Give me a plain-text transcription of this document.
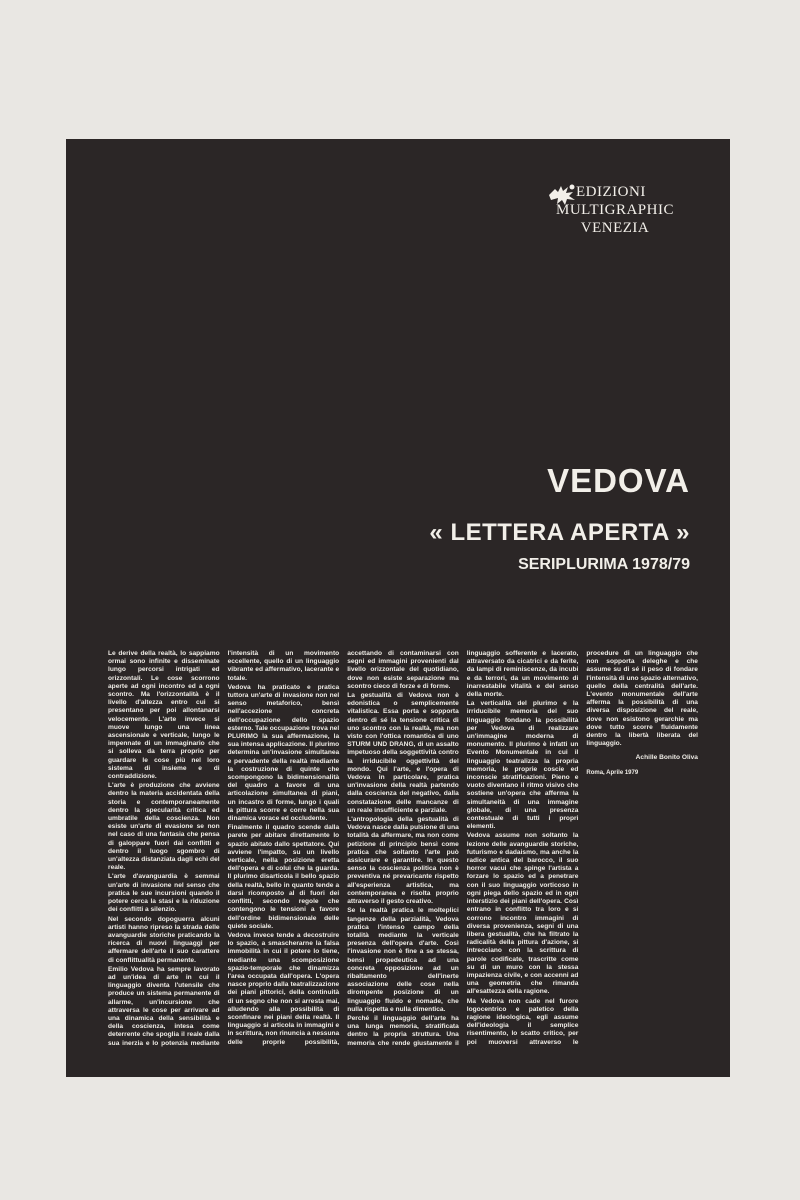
EDIZIONI
MULTIGRAPHIC
VENEZIA
VEDOVA
« LETTERA APERTA »
SERIPLURIMA 1978/79

Le derive della realtà, lo sappiamo ormai sono infinite e disseminate lungo percorsi intrigati ed orizzontali. Le cose scorrono aperte ad ogni incontro ed a ogni scontro. Ma l'orizzontalità è il livello d'altezza entro cui si presentano per poi allontanarsi velocemente. L'arte invece si muove lungo una linea ascensionale e verticale, lungo le impennate di un immaginario che si solleva da terra proprio per guardare le cose più nel loro sistema di insieme e di contraddizione.

L'arte è produzione che avviene dentro la materia accidentata della storia e contemporaneamente dentro la specularità critica ed umbratile della coscienza. Non esiste un'arte di evasione se non nel caso di una fantasia che pensa di galoppare fuori dai conflitti e dentro il luogo sgombro di un'altezza distanziata dagli echi del reale.

L'arte d'avanguardia è semmai un'arte di invasione nel senso che pratica le sue incursioni quando il potere cerca la stasi e la riduzione dei conflitti a silenzio.

Nel secondo dopoguerra alcuni artisti hanno ripreso la strada delle avanguardie storiche praticando la ricerca di nuovi linguaggi per affermare dell'arte il suo carattere di conflittualità permanente.

Emilio Vedova ha sempre lavorato ad un'idea di arte in cui il linguaggio diventa l'utensile che produce un sistema permanente di allarme, un'incursione che attraversa le cose per arrivare ad una dinamica della sensibilità e della coscienza, intesa come deterrente che spoglia il reale dalla sua inerzia e lo potenzia mediante l'intensità di un movimento eccellente, quello di un linguaggio vibrante ed affermativo, lacerante e totale.

Vedova ha praticato e pratica tuttora un'arte di invasione non nel senso metaforico, bensì nell'accezione concreta dell'occupazione dello spazio esterno. Tale occupazione trova nel PLURIMO la sua affermazione, la sua intensa applicazione. Il plurimo determina un'invasione simultanea e pervadente della realtà mediante la costruzione di quinte che scompongono la bidimensionalità del quadro a favore di una articolazione simultanea di piani, un incastro di forme, lungo i quali la pittura scorre e corre nella sua dinamica vorace ed occludente.

Finalmente il quadro scende dalla parete per abitare direttamente lo spazio abitato dallo spettatore. Qui avviene l'impatto, su un livello verticale, nella posizione eretta dell'opera e di colui che la guarda. Il plurimo disarticola il bello spazio della realtà, bello in quanto tende a darsi ricomposto al di fuori dei conflitti, secondo regole che contengono le tensioni a favore dell'ordine bidimensionale delle quiete sociale.

Vedova invece tende a decostruire lo spazio, a smascherarne la falsa immobilità in cui il potere lo tiene, mediante una scomposizione spazio-temporale che dinamizza l'area occupata dall'opera. L'opera nasce proprio dalla teatralizzazione dei piani pittorici, della continuità di un segno che non si arresta mai, alludendo alla possibilità di sconfinare nei piani della realtà. Il linguaggio si articola in immagini e in scrittura, non rinuncia a nessuna delle proprie possibilità, accettando di contaminarsi con segni ed immagini provenienti dal livello orizzontale del quotidiano, dove non esiste separazione ma scontro cieco di forze e di forme.

La gestualità di Vedova non è edonistica o semplicemente vitalistica. Essa porta e sopporta dentro di sé la tensione critica di uno scontro con la realtà, ma non visto con l'ottica romantica di uno STURM UND DRANG, di un assalto impetuoso della soggettività contro la irriducibile oggettività del mondo. Qui l'arte, e l'opera di Vedova in particolare, pratica un'invasione della realtà partendo dalla coscienza del negativo, dalla constatazione delle mancanze di un reale insufficiente e parziale.

L'antropologia della gestualità di Vedova nasce dalla pulsione di una totalità da affermare, ma non come petizione di principio bensì come pratica che soltanto l'arte può assicurare e garantire. In questo senso la coscienza politica non è preventiva né prevaricante rispetto all'esperienza artistica, ma contemporanea e risolta proprio attraverso il gesto creativo.

Se la realtà pratica le molteplici tangenze della parzialità, Vedova pratica l'intenso campo della totalità mediante la verticale presenza dell'opera d'arte. Così l'invasione non è fine a se stessa, bensì propedeutica ad una concreta opposizione ad un ribaltamento dell'inerte associazione delle cose nella dirompente posizione di un linguaggio fluido e nomade, che nulla rispetta e nulla dimentica.

Perché il linguaggio dell'arte ha una lunga memoria, stratificata dentro la propria struttura. Una memoria che rende giustamente il linguaggio sofferente e lacerato, attraversato da cicatrici e da ferite, da lampi di reminiscenze, da incubi e da terrori, da un movimento di inarrestabile vitalità e del senso della morte.

La verticalità del plurimo e la irriducibile memoria del suo linguaggio fondano la possibilità per Vedova di realizzare un'immagine moderna di monumento. Il plurimo è infatti un Evento Monumentale in cui il linguaggio teatralizza la propria memoria, le proprie coscie ed inconscie stratificazioni. Pieno e vuoto diventano il ritmo visivo che sostiene un'opera che afferma la simultaneità di una immagine globale, di una presenza contestuale di tutti i propri elementi.

Vedova assume non soltanto la lezione delle avanguardie storiche, futurismo e dadaismo, ma anche la radice antica del barocco, il suo horror vacui che spinge l'artista a forzare lo spazio ed a penetrare con il suo linguaggio vorticoso in ogni piega dello spazio ed in ogni interstizio dei piani dell'opera. Così entrano in conflitto tra loro e si corrono incontro immagini di diversa provenienza, segni di una libera gestualità, che ha filtrato la radicalità della pittura d'azione, si intrecciano con la scrittura di parole codificate, trascritte come su di un muro con la stessa impazienza civile, e con accenni ad una geometria che rimanda all'esattezza della ragione.

Ma Vedova non cade nel furore logocentrico e patetico della ragione ideologica, egli assume dell'ideologia il semplice risentimento, lo scatto critico, per poi muoversi attraverso le procedure di un linguaggio che non sopporta deleghe e che assume su di sé il peso di fondare l'intensità di uno spazio alternativo, quello della centralità dell'arte. L'evento monumentale dell'arte afferma la possibilità di una diversa disposizione del reale, dove non esistono gerarchie ma dove tutto scorre fluidamente dentro la libertà liberata del linguaggio.

Achille Bonito Oliva

Roma, Aprile 1979
